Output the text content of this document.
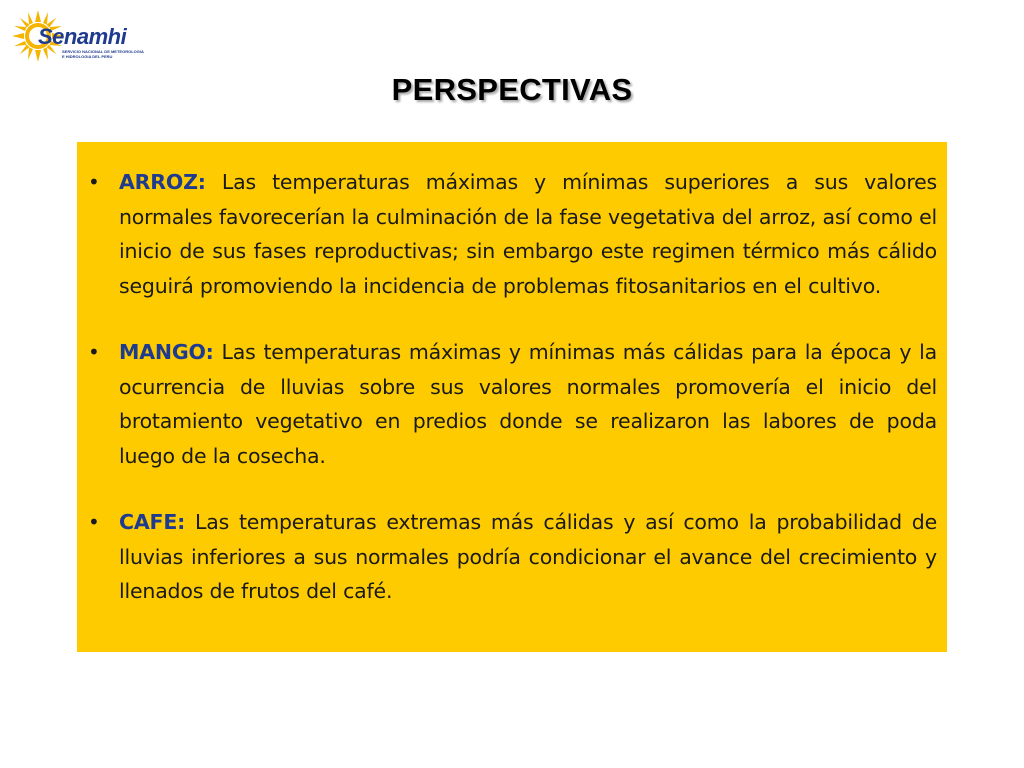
Senamhi
SERVICIO NACIONAL DE METEOROLOGIA E HIDROLOGIA DEL PERU
PERSPECTIVAS

• ARROZ: Las temperaturas máximas y mínimas superiores a sus valores normales favorecerían la culminación de la fase vegetativa del arroz, así como el inicio de sus fases reproductivas; sin embargo este regimen térmico más cálido seguirá promoviendo la incidencia de problemas fitosanitarios en el cultivo.

• MANGO: Las temperaturas máximas y mínimas más cálidas para la época y la ocurrencia de lluvias sobre sus valores normales promovería el inicio del brotamiento vegetativo en predios donde se realizaron las labores de poda luego de la cosecha.

• CAFE: Las temperaturas extremas más cálidas y así como la probabilidad de lluvias inferiores a sus normales podría condicionar el avance del crecimiento y llenados de frutos del café.
